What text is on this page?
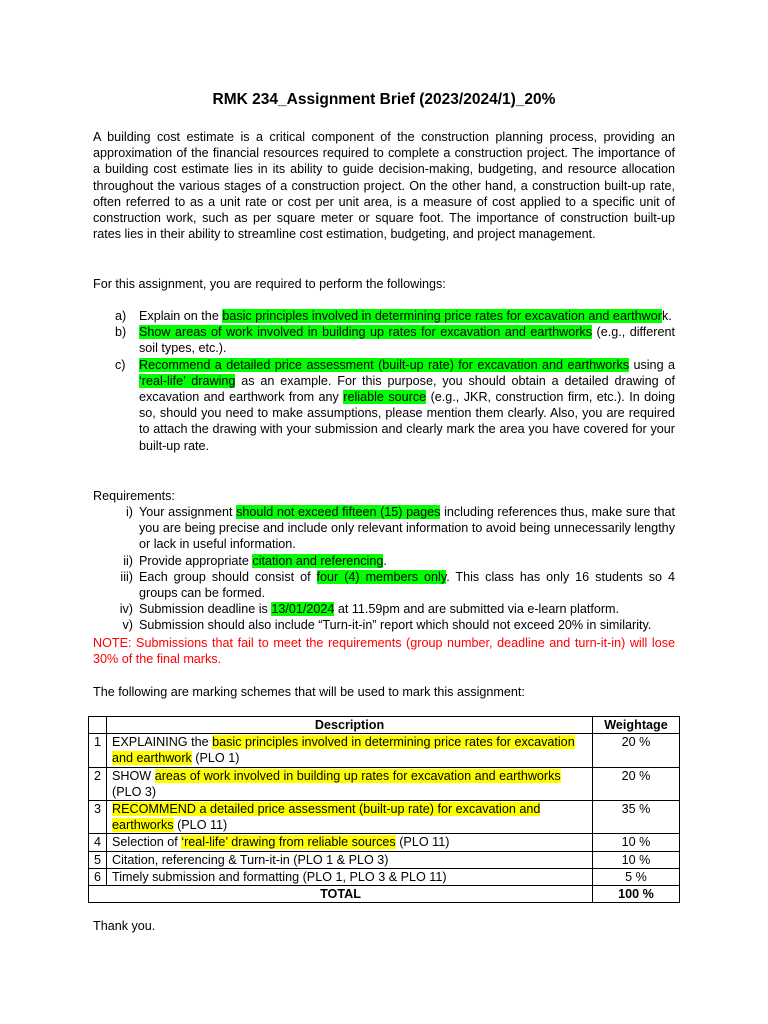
RMK 234_Assignment Brief (2023/2024/1)_20%
A building cost estimate is a critical component of the construction planning process, providing an approximation of the financial resources required to complete a construction project. The importance of a building cost estimate lies in its ability to guide decision-making, budgeting, and resource allocation throughout the various stages of a construction project. On the other hand, a construction built-up rate, often referred to as a unit rate or cost per unit area, is a measure of cost applied to a specific unit of construction work, such as per square meter or square foot. The importance of construction built-up rates lies in their ability to streamline cost estimation, budgeting, and project management.
For this assignment, you are required to perform the followings:
a) Explain on the basic principles involved in determining price rates for excavation and earthwork.
b) Show areas of work involved in building up rates for excavation and earthworks (e.g., different soil types, etc.).
c) Recommend a detailed price assessment (built-up rate) for excavation and earthworks using a ‘real-life’ drawing as an example. For this purpose, you should obtain a detailed drawing of excavation and earthwork from any reliable source (e.g., JKR, construction firm, etc.). In doing so, should you need to make assumptions, please mention them clearly. Also, you are required to attach the drawing with your submission and clearly mark the area you have covered for your built-up rate.
Requirements:
i) Your assignment should not exceed fifteen (15) pages including references thus, make sure that you are being precise and include only relevant information to avoid being unnecessarily lengthy or lack in useful information.
ii) Provide appropriate citation and referencing.
iii) Each group should consist of four (4) members only. This class has only 16 students so 4 groups can be formed.
iv) Submission deadline is 13/01/2024 at 11.59pm and are submitted via e-learn platform.
v) Submission should also include “Turn-it-in” report which should not exceed 20% in similarity.
NOTE: Submissions that fail to meet the requirements (group number, deadline and turn-it-in) will lose 30% of the final marks.
The following are marking schemes that will be used to mark this assignment:
	Description	Weightage
1	EXPLAINING the basic principles involved in determining price rates for excavation and earthwork (PLO 1)	20 %
2	SHOW areas of work involved in building up rates for excavation and earthworks (PLO 3)	20 %
3	RECOMMEND a detailed price assessment (built-up rate) for excavation and earthworks (PLO 11)	35 %
4	Selection of ‘real-life’ drawing from reliable sources (PLO 11)	10 %
5	Citation, referencing & Turn-it-in (PLO 1 & PLO 3)	10 %
6	Timely submission and formatting (PLO 1, PLO 3 & PLO 11)	5 %
TOTAL		100 %
Thank you.
